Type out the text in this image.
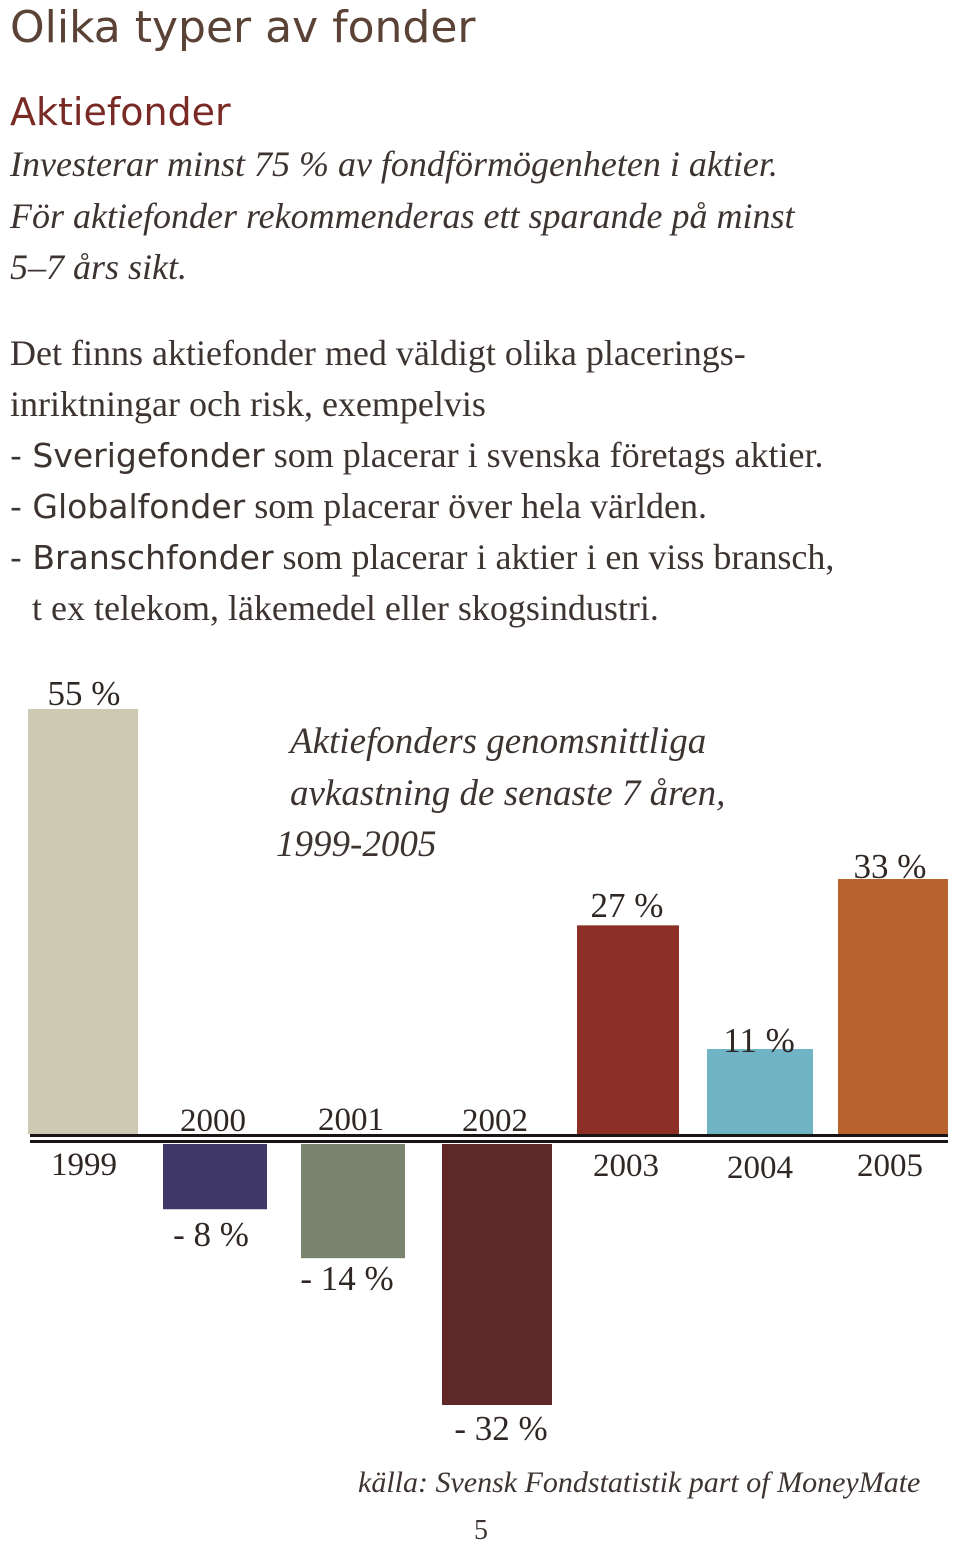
Olika typer av fonder
Aktiefonder
Investerar minst 75 % av fondförmögenheten i aktier.
För aktiefonder rekommenderas ett sparande på minst
5–7 års sikt.
Det finns aktiefonder med väldigt olika placerings-
inriktningar och risk, exempelvis
- Sverigefonder som placerar i svenska företags aktier.
- Globalfonder som placerar över hela världen.
- Branschfonder som placerar i aktier i en viss bransch,
t ex telekom, läkemedel eller skogsindustri.
Aktiefonders genomsnittliga
avkastning de senaste 7 åren,
1999-2005
1999
2000 2001 2002
2003 2004 2005
55 %
- 8 %
- 14 %
- 32 %
27 %
11 %
33 %
källa: Svensk Fondstatistik part of MoneyMate
5
